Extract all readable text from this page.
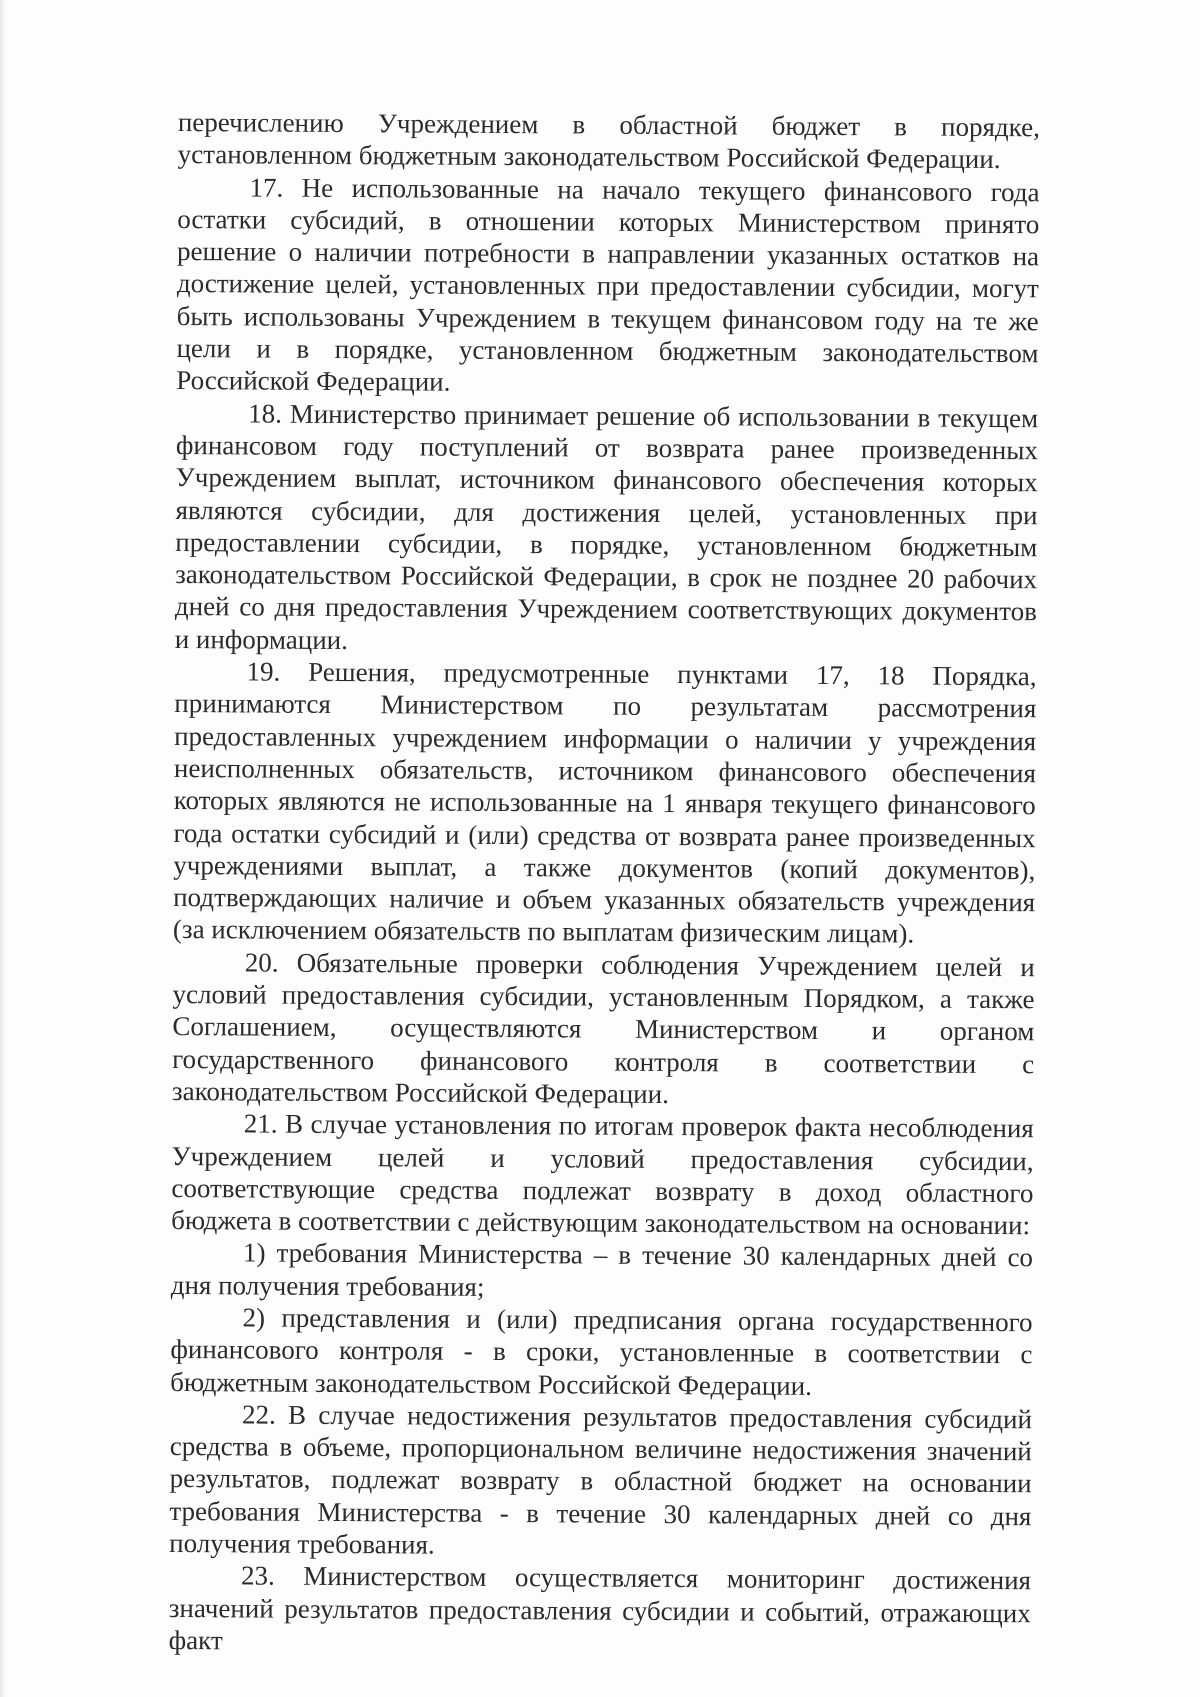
перечислению Учреждением в областной бюджет в порядке, установленном бюджетным законодательством Российской Федерации.

17. Не использованные на начало текущего финансового года остатки субсидий, в отношении которых Министерством принято решение о наличии потребности в направлении указанных остатков на достижение целей, установленных при предоставлении субсидии, могут быть использованы Учреждением в текущем финансовом году на те же цели и в порядке, установленном бюджетным законодательством Российской Федерации.

18. Министерство принимает решение об использовании в текущем финансовом году поступлений от возврата ранее произведенных Учреждением выплат, источником финансового обеспечения которых являются субсидии, для достижения целей, установленных при предоставлении субсидии, в порядке, установленном бюджетным законодательством Российской Федерации, в срок не позднее 20 рабочих дней со дня предоставления Учреждением соответствующих документов и информации.

19. Решения, предусмотренные пунктами 17, 18 Порядка, принимаются Министерством по результатам рассмотрения предоставленных учреждением информации о наличии у учреждения неисполненных обязательств, источником финансового обеспечения которых являются не использованные на 1 января текущего финансового года остатки субсидий и (или) средства от возврата ранее произведенных учреждениями выплат, а также документов (копий документов), подтверждающих наличие и объем указанных обязательств учреждения (за исключением обязательств по выплатам физическим лицам).

20. Обязательные проверки соблюдения Учреждением целей и условий предоставления субсидии, установленным Порядком, а также Соглашением, осуществляются Министерством и органом государственного финансового контроля в соответствии с законодательством Российской Федерации.

21. В случае установления по итогам проверок факта несоблюдения Учреждением целей и условий предоставления субсидии, соответствующие средства подлежат возврату в доход областного бюджета в соответствии с действующим законодательством на основании:

1) требования Министерства – в течение 30 календарных дней со дня получения требования;

2) представления и (или) предписания органа государственного финансового контроля - в сроки, установленные в соответствии с бюджетным законодательством Российской Федерации.

22. В случае недостижения результатов предоставления субсидий средства в объеме, пропорциональном величине недостижения значений результатов, подлежат возврату в областной бюджет на основании требования Министерства - в течение 30 календарных дней со дня получения требования.

23. Министерством осуществляется мониторинг достижения значений результатов предоставления субсидии и событий, отражающих факт
